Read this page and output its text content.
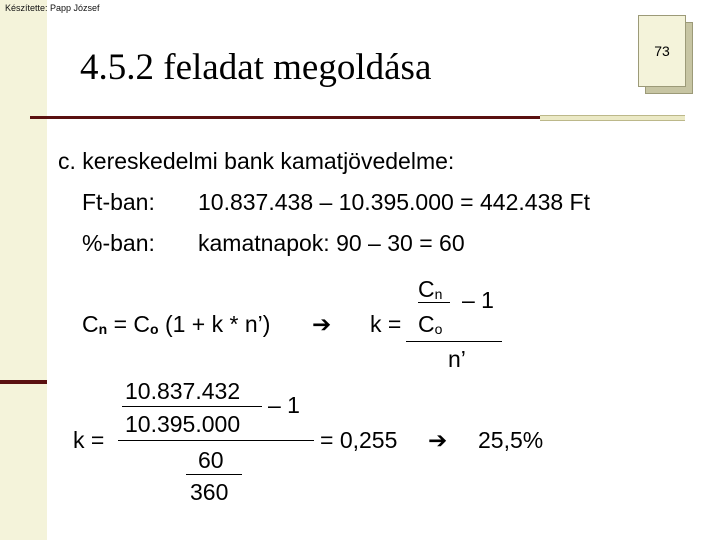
Készítette: Papp József
4.5.2 feladat megoldása	73
c. kereskedelmi bank kamatjövedelme:
Ft-ban: 10.837.438 – 10.395.000 = 442.438 Ft
%-ban: kamatnapok: 90 – 30 = 60
$C_n - 1$
$C_n = C_o$ (1 + k * n’) ➔ $k = C_o$
n’
10.837.432
– 1
10.395.000
k =	= 0,255 ➔ 25,5%
60
360
